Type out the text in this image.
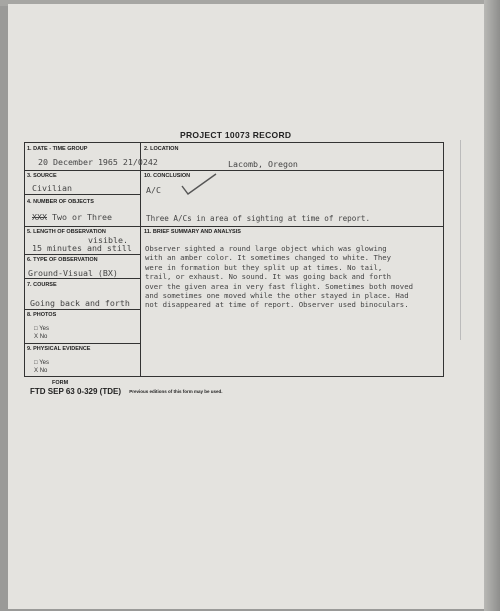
PROJECT 10073 RECORD
1. DATE - TIME GROUP
20 December 1965 21/0242
2. LOCATION
Lacomb, Oregon
3. SOURCE
Civilian
10. CONCLUSION
A/C
4. NUMBER OF OBJECTS
XXX Two or Three	Three A/Cs in area of sighting at time of report.
5. LENGTH OF OBSERVATION
visible.
15 minutes and still
11. BRIEF SUMMARY AND ANALYSIS
Observer sighted a round large object which was glowing
with an amber color. It sometimes changed to white. They
were in formation but they split up at times. No tail,
trail, or exhaust. No sound. It was going back and forth
over the given area in very fast flight. Sometimes both moved
and sometimes one moved while the other stayed in place. Had
not disappeared at time of report. Observer used binoculars.
6. TYPE OF OBSERVATION
Ground-Visual (BX)
7. COURSE
Going back and forth
8. PHOTOS
□ Yes
X No
9. PHYSICAL EVIDENCE
□ Yes
X No
FORM
FTD SEP 63 0-329 (TDE) Previous editions of this form may be used.
